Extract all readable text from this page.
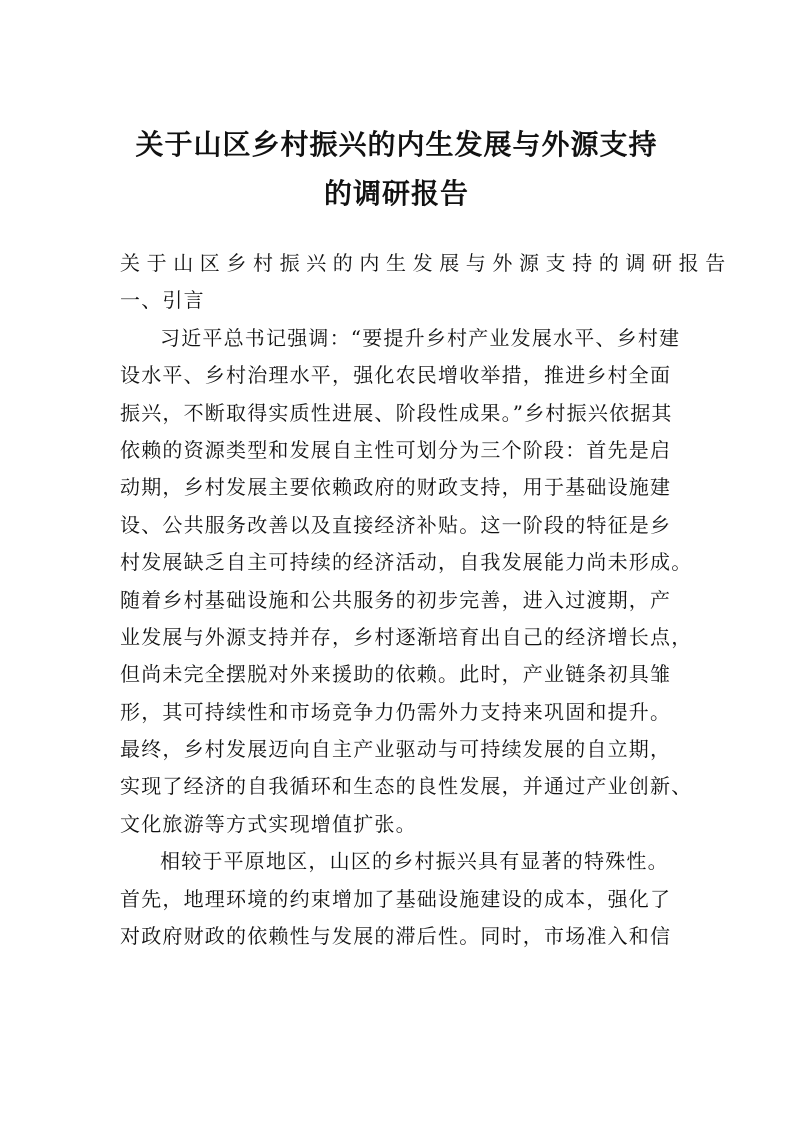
关于山区乡村振兴的内生发展与外源支持
的调研报告
关于山区乡村振兴的内生发展与外源支持的调研报告
一、引言
习近平总书记强调：“要提升乡村产业发展水平、乡村建
设水平、乡村治理水平，强化农民增收举措，推进乡村全面
振兴，不断取得实质性进展、阶段性成果。”乡村振兴依据其
依赖的资源类型和发展自主性可划分为三个阶段：首先是启
动期，乡村发展主要依赖政府的财政支持，用于基础设施建
设、公共服务改善以及直接经济补贴。这一阶段的特征是乡
村发展缺乏自主可持续的经济活动，自我发展能力尚未形成。
随着乡村基础设施和公共服务的初步完善，进入过渡期，产
业发展与外源支持并存，乡村逐渐培育出自己的经济增长点，
但尚未完全摆脱对外来援助的依赖。此时，产业链条初具雏
形，其可持续性和市场竞争力仍需外力支持来巩固和提升。
最终，乡村发展迈向自主产业驱动与可持续发展的自立期，
实现了经济的自我循环和生态的良性发展，并通过产业创新、
文化旅游等方式实现增值扩张。
相较于平原地区，山区的乡村振兴具有显著的特殊性。
首先，地理环境的约束增加了基础设施建设的成本，强化了
对政府财政的依赖性与发展的滞后性。同时，市场准入和信
